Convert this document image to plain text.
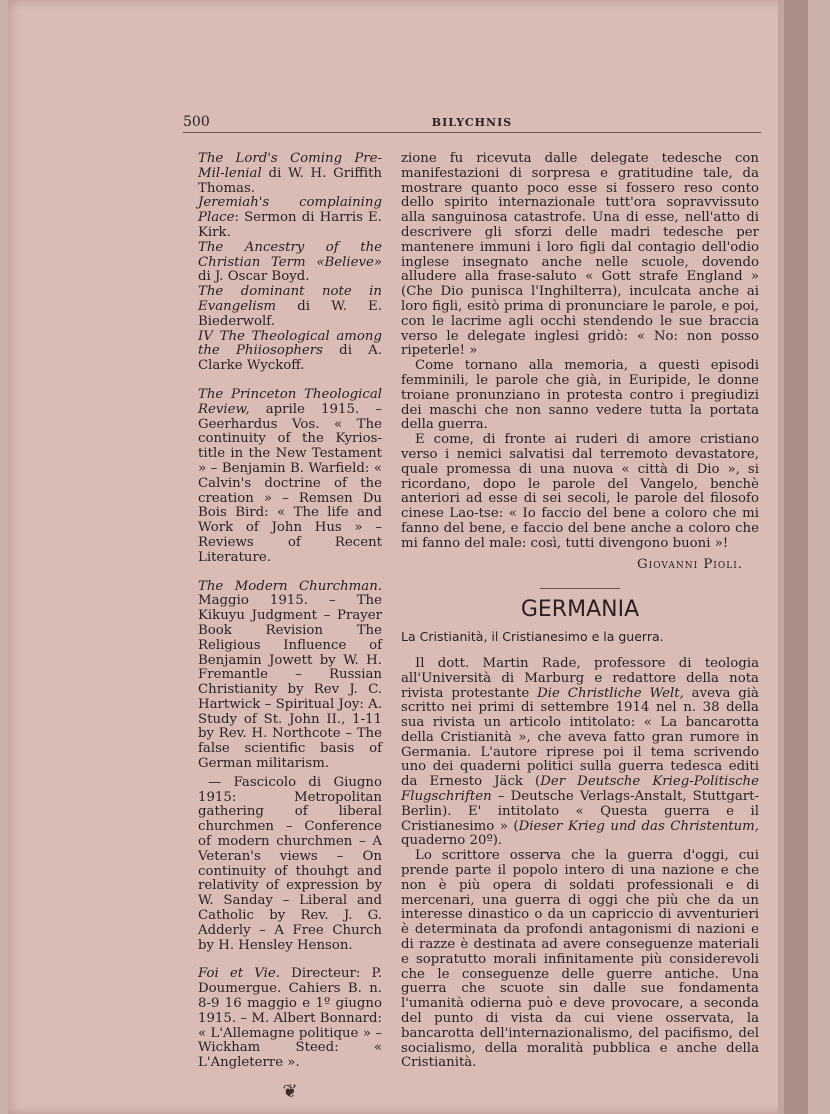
500	BILYCHNIS

The Lord's Coming Pre-Mil-lenial di W. H. Griffith Thomas.

Jeremiah's complaining Place: Sermon di Harris E. Kirk.

The Ancestry of the Christian Term «Believe» di J. Oscar Boyd.

The dominant note in Evangelism di W. E. Biederwolf.

IV The Theological among the Phiiosophers di A. Clarke Wyckoff.

The Princeton Theological Review, aprile 1915. – Geerhardus Vos. « The continuity of the Kyrios-title in the New Testament » – Benjamin B. Warfield: « Calvin's doctrine of the creation » – Remsen Du Bois Bird: « The life and Work of John Hus » – Reviews of Recent Literature.

The Modern Churchman. Maggio 1915. – The Kikuyu Judgment – Prayer Book Revision The Religious Influence of Benjamin Jowett by W. H. Fremantle – Russian Christianity by Rev J. C. Hartwick – Spiritual Joy: A. Study of St. John II., 1-11 by Rev. H. Northcote – The false scientific basis of German militarism.

— Fascicolo di Giugno 1915: Metropolitan gathering of liberal churchmen – Conference of modern churchmen – A Veteran's views – On continuity of thouhgt and relativity of expression by W. Sanday – Liberal and Catholic by Rev. J. G. Adderly – A Free Church by H. Hensley Henson.

Foi et Vie. Directeur: P. Doumergue. Cahiers B. n. 8-9 16 maggio e 1º giugno 1915. – M. Albert Bonnard: « L'Allemagne politique » – Wickham Steed: « L'Angleterre ».

❦

zione fu ricevuta dalle delegate tedesche con manifestazioni di sorpresa e gratitudine tale, da mostrare quanto poco esse si fossero reso conto dello spirito internazionale tutt'ora sopravvissuto alla sanguinosa catastrofe. Una di esse, nell'atto di descrivere gli sforzi delle madri tedesche per mantenere immuni i loro figli dal contagio dell'odio inglese insegnato anche nelle scuole, dovendo alludere alla frase-saluto « Gott strafe England » (Che Dio punisca l'Inghilterra), inculcata anche ai loro figli, esitò prima di pronunciare le parole, e poi, con le lacrime agli occhi stendendo le sue braccia verso le delegate inglesi gridò: « No: non posso ripeterle! »

Come tornano alla memoria, a questi episodi femminili, le parole che già, in Euripide, le donne troiane pronunziano in protesta contro i pregiudizi dei maschi che non sanno vedere tutta la portata della guerra.

E come, di fronte ai ruderi di amore cristiano verso i nemici salvatisi dal terremoto devastatore, quale promessa di una nuova « città di Dio », si ricordano, dopo le parole del Vangelo, benchè anteriori ad esse di sei secoli, le parole del filosofo cinese Lao-tse: « Io faccio del bene a coloro che mi fanno del bene, e faccio del bene anche a coloro che mi fanno del male: così, tutti divengono buoni »!

Giovanni Pioli.

GERMANIA
La Cristianità, il Cristianesimo e la guerra.

Il dott. Martin Rade, professore di teologia all'Università di Marburg e redattore della nota rivista protestante Die Christliche Welt, aveva già scritto nei primi di settembre 1914 nel n. 38 della sua rivista un articolo intitolato: « La bancarotta della Cristianità », che aveva fatto gran rumore in Germania. L'autore riprese poi il tema scrivendo uno dei quaderni politici sulla guerra tedesca editi da Ernesto Jäck (Der Deutsche Krieg-Politische Flugschriften – Deutsche Verlags-Anstalt, Stuttgart-Berlin). E' intitolato « Questa guerra e il Cristianesimo » (Dieser Krieg und das Christentum, quaderno 20º).

Lo scrittore osserva che la guerra d'oggi, cui prende parte il popolo intero di una nazione e che non è più opera di soldati professionali e di mercenari, una guerra di oggi che più che da un interesse dinastico o da un capriccio di avventurieri è determinata da profondi antagonismi di nazioni e di razze è destinata ad avere conseguenze materiali e sopratutto morali infinitamente più considerevoli che le conseguenze delle guerre antiche. Una guerra che scuote sin dalle sue fondamenta l'umanità odierna può e deve provocare, a seconda del punto di vista da cui viene osservata, la bancarotta dell'internazionalismo, del pacifismo, del socialismo, della moralità pubblica e anche della Cristianità.
